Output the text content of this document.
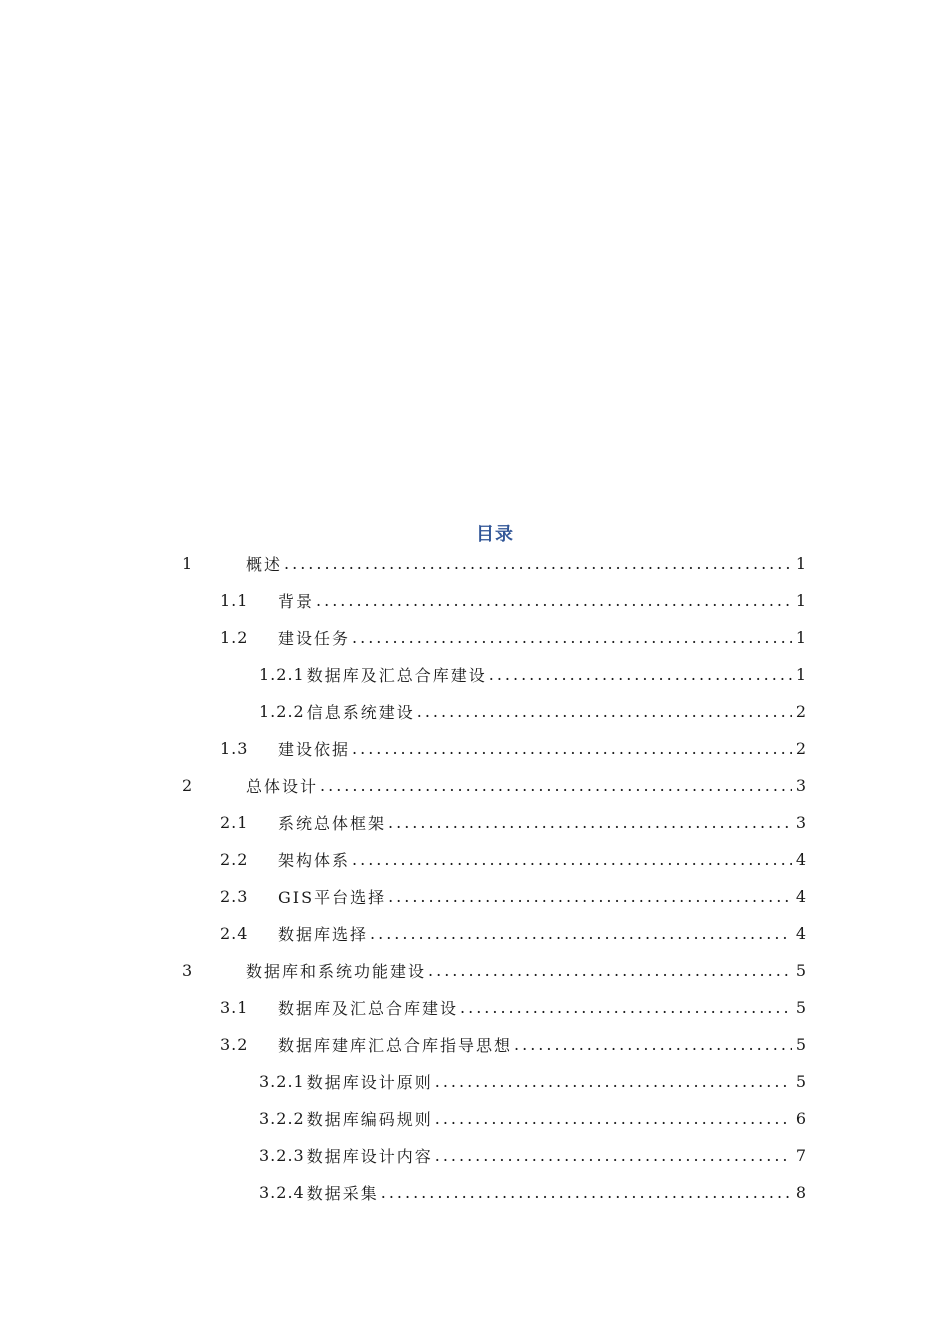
目录
1	概述 .....	1
1.1	背景 .....	1
1.2	建设任务 .....	1
1.2.1 数据库及汇总合库建设 .....	1
1.2.2 信息系统建设 .....	2
1.3	建设依据 .....	2
2	总体设计 .....	3
2.1	系统总体框架 .....	3
2.2	架构体系 .....	4
2.3	GIS平台选择 .....	4
2.4	数据库选择 .....	4
3	数据库和系统功能建设 .....	5
3.1	数据库及汇总合库建设 .....	5
3.2	数据库建库汇总合库指导思想 .....	5
3.2.1 数据库设计原则 .....	5
3.2.2 数据库编码规则 .....	6
3.2.3 数据库设计内容 .....	7
3.2.4 数据采集 .....	8
